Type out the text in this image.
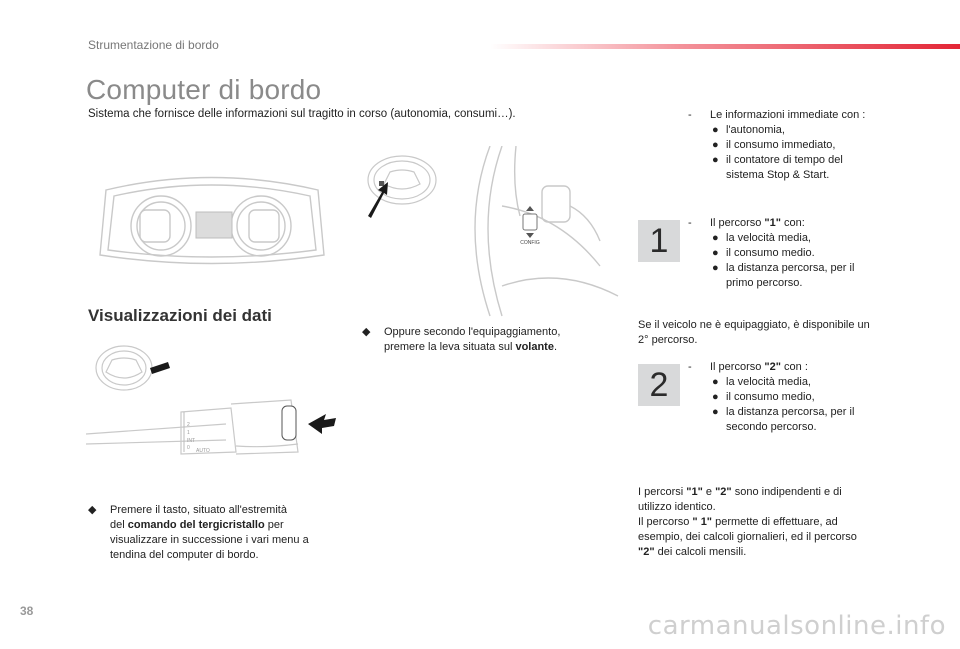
Strumentazione di bordo
Computer di bordo
Sistema che fornisce delle informazioni sul tragitto in corso (autonomia, consumi…).
CONFIG
Visualizzazioni dei dati
2
1
INT
0 AUTO
◆ Premere il tasto, situato all'estremità
del comando del tergicristallo per
visualizzare in successione i vari menu a
tendina del computer di bordo.
◆ Oppure secondo l'equipaggiamento,
premere la leva situata sul volante.
- Le informazioni immediate con :
● l'autonomia,
● il consumo immediato,
● il contatore di tempo del sistema Stop & Start.
1	- Il percorso "1" con:
● la velocità media,
● il consumo medio.
● la distanza percorsa, per il primo percorso.
Se il veicolo ne è equipaggiato, è disponibile un
2° percorso.
2	- Il percorso "2" con :
● la velocità media,
● il consumo medio,
● la distanza percorsa, per il secondo percorso.
I percorsi "1" e "2" sono indipendenti e di
utilizzo identico.
Il percorso " 1" permette di effettuare, ad
esempio, dei calcoli giornalieri, ed il percorso
"2" dei calcoli mensili.
38	carmanualsonline.info
